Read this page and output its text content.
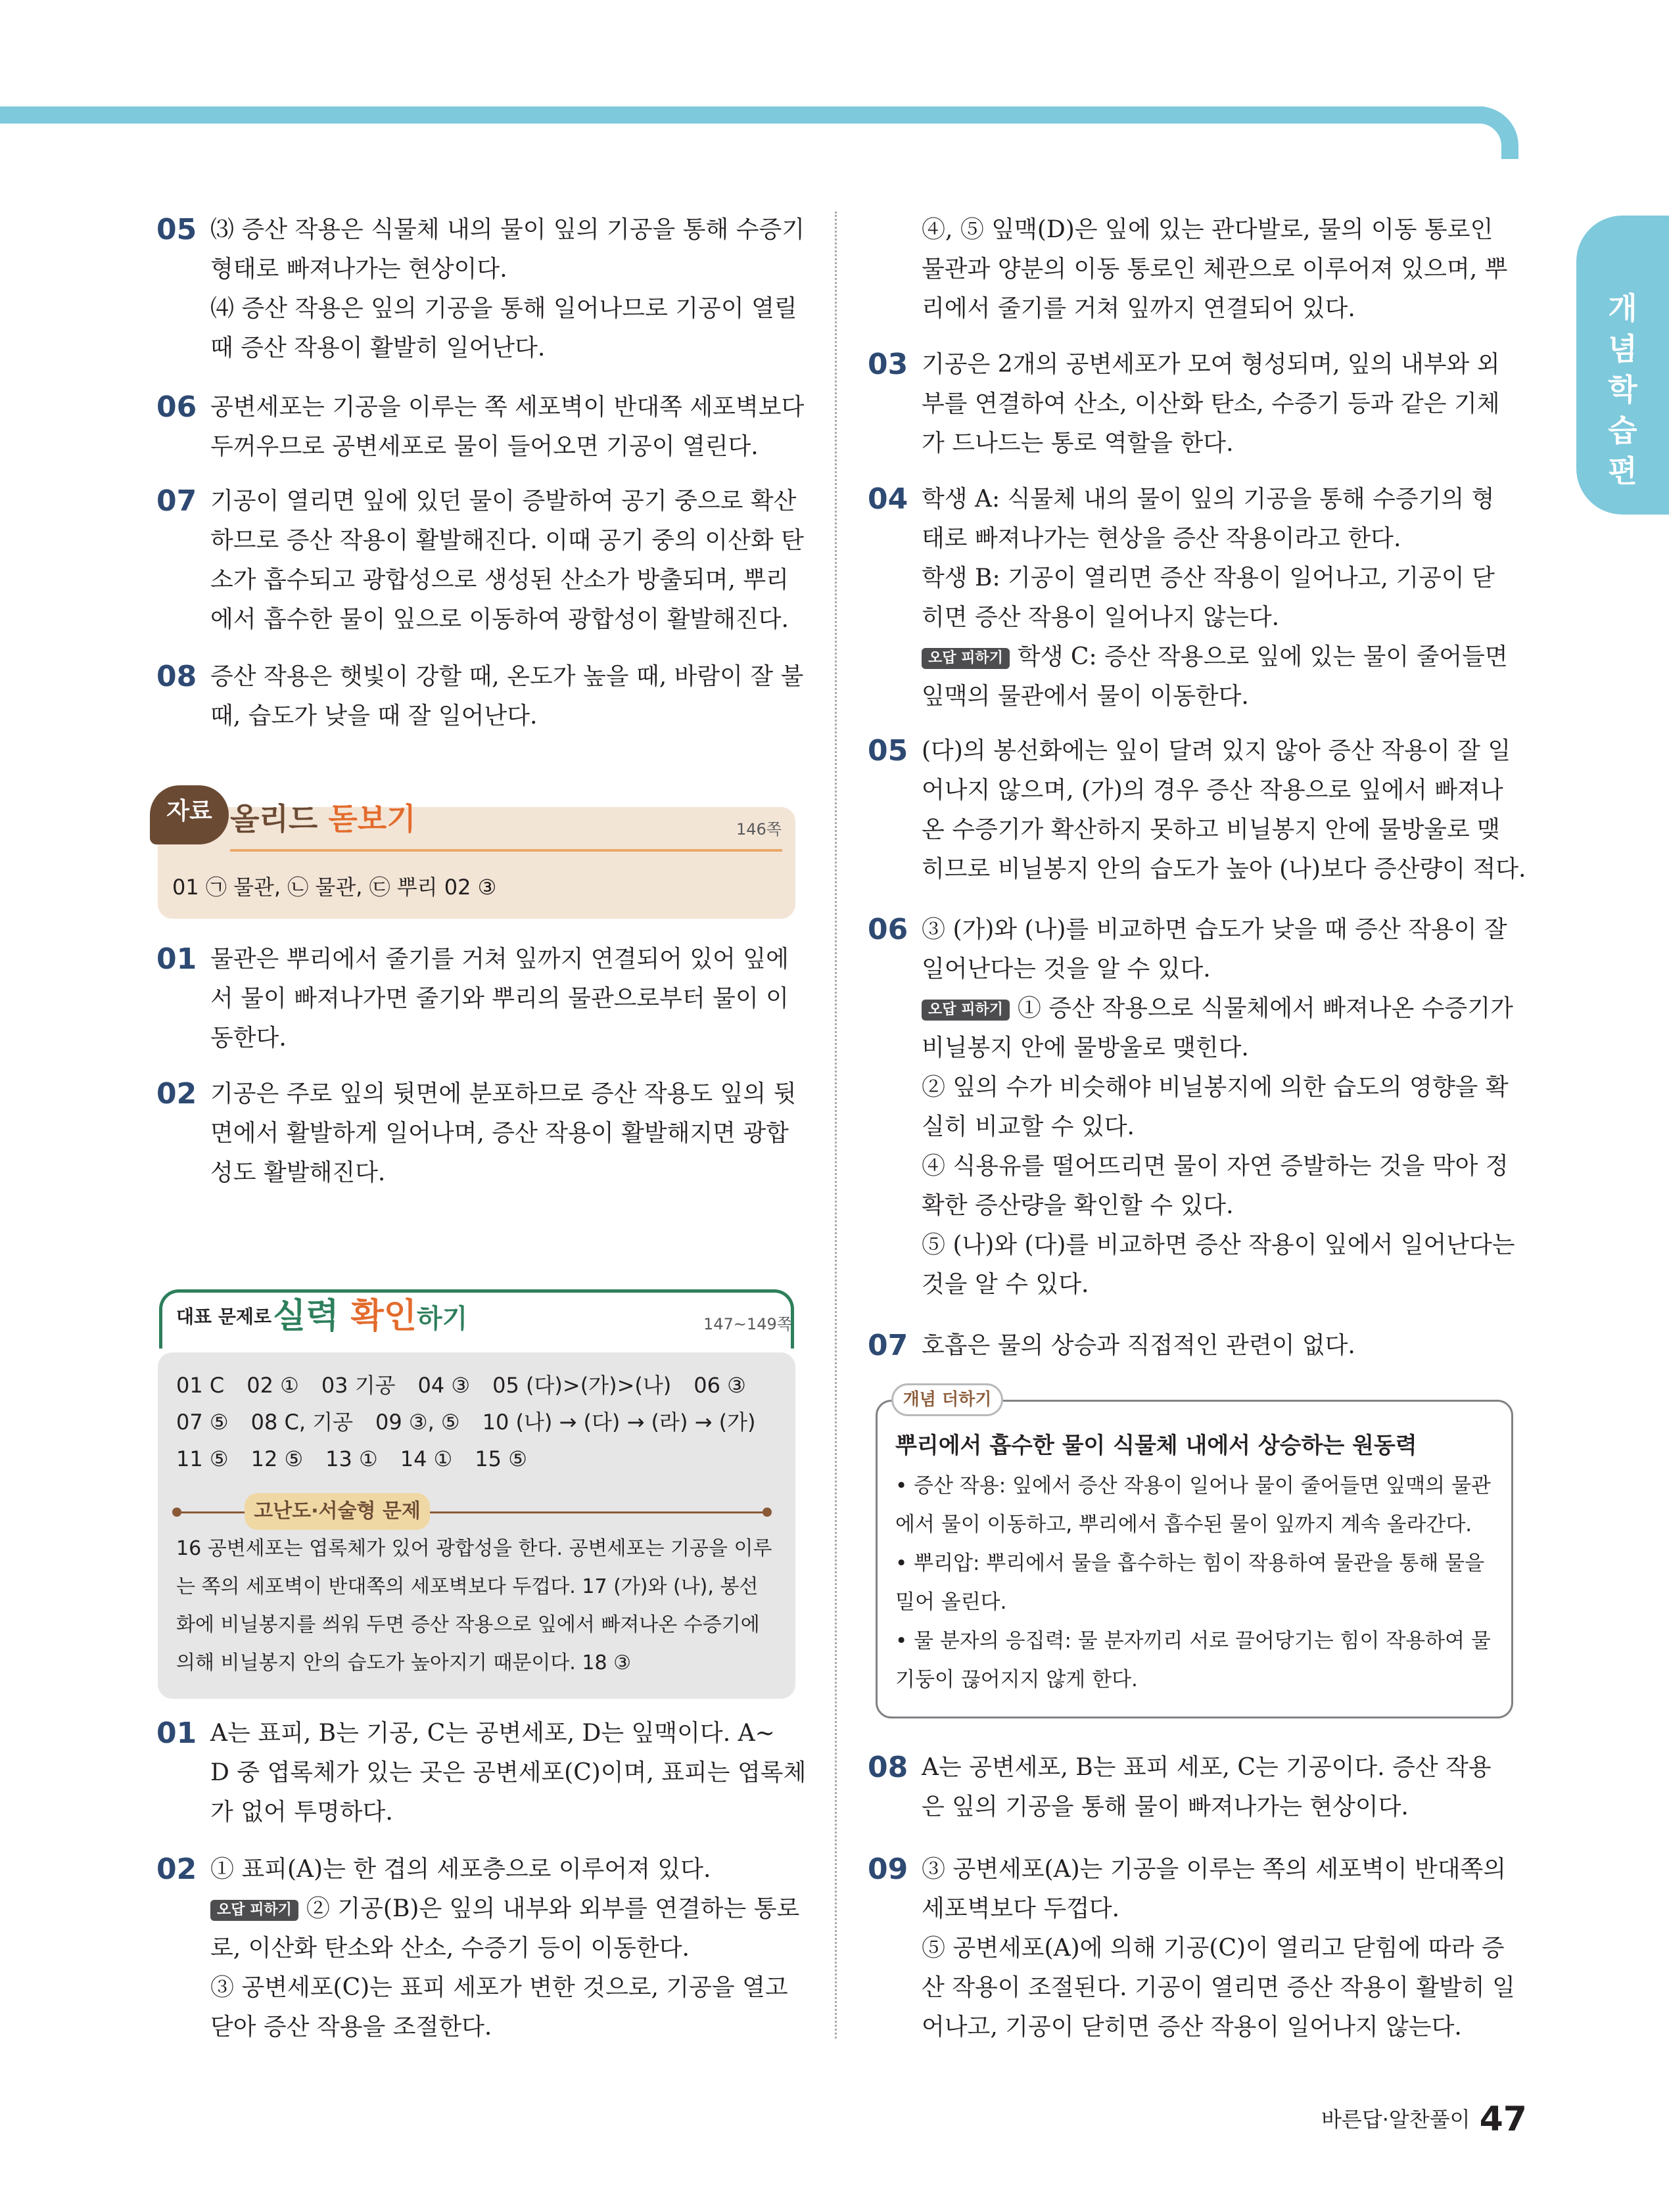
개
념
학
습
편
05 ⑶ 증산 작용은 식물체 내의 물이 잎의 기공을 통해 수증기

형태로 빠져나가는 현상이다.

⑷ 증산 작용은 잎의 기공을 통해 일어나므로 기공이 열릴

때 증산 작용이 활발히 일어난다.

06 공변세포는 기공을 이루는 쪽 세포벽이 반대쪽 세포벽보다

두꺼우므로 공변세포로 물이 들어오면 기공이 열린다.

07 기공이 열리면 잎에 있던 물이 증발하여 공기 중으로 확산

하므로 증산 작용이 활발해진다. 이때 공기 중의 이산화 탄

소가 흡수되고 광합성으로 생성된 산소가 방출되며, 뿌리

에서 흡수한 물이 잎으로 이동하여 광합성이 활발해진다.

08 증산 작용은 햇빛이 강할 때, 온도가 높을 때, 바람이 잘 불

때, 습도가 낮을 때 잘 일어난다.

자료 올리드 돋보기	146쪽
01 ㉠ 물관, ㉡ 물관, ㉢ 뿌리 02 ③
01 물관은 뿌리에서 줄기를 거쳐 잎까지 연결되어 있어 잎에

서 물이 빠져나가면 줄기와 뿌리의 물관으로부터 물이 이

동한다.

02 기공은 주로 잎의 뒷면에 분포하므로 증산 작용도 잎의 뒷

면에서 활발하게 일어나며, 증산 작용이 활발해지면 광합

성도 활발해진다.

대표 문제로 실력 확인하기	147~149쪽

01 C 02 ① 03 기공 04 ③ 05 (다)>(가)>(나) 06 ③

07 ⑤ 08 C, 기공 09 ③, ⑤ 10 (나) → (다) → (라) → (가)

11 ⑤ 12 ⑤ 13 ① 14 ① 15 ⑤

고난도·서술형 문제

16 공변세포는 엽록체가 있어 광합성을 한다. 공변세포는 기공을 이루

는 쪽의 세포벽이 반대쪽의 세포벽보다 두껍다. 17 (가)와 (나), 봉선

화에 비닐봉지를 씌워 두면 증산 작용으로 잎에서 빠져나온 수증기에

의해 비닐봉지 안의 습도가 높아지기 때문이다. 18 ③

01 A는 표피, B는 기공, C는 공변세포, D는 잎맥이다. A~

D 중 엽록체가 있는 곳은 공변세포(C)이며, 표피는 엽록체

가 없어 투명하다.

02 ① 표피(A)는 한 겹의 세포층으로 이루어져 있다.

오답 피하기 ② 기공(B)은 잎의 내부와 외부를 연결하는 통로

로, 이산화 탄소와 산소, 수증기 등이 이동한다.

③ 공변세포(C)는 표피 세포가 변한 것으로, 기공을 열고

닫아 증산 작용을 조절한다.

④, ⑤ 잎맥(D)은 잎에 있는 관다발로, 물의 이동 통로인

물관과 양분의 이동 통로인 체관으로 이루어져 있으며, 뿌

리에서 줄기를 거쳐 잎까지 연결되어 있다.

03 기공은 2개의 공변세포가 모여 형성되며, 잎의 내부와 외

부를 연결하여 산소, 이산화 탄소, 수증기 등과 같은 기체

가 드나드는 통로 역할을 한다.

04 학생 A: 식물체 내의 물이 잎의 기공을 통해 수증기의 형

태로 빠져나가는 현상을 증산 작용이라고 한다.

학생 B: 기공이 열리면 증산 작용이 일어나고, 기공이 닫

히면 증산 작용이 일어나지 않는다.

오답 피하기 학생 C: 증산 작용으로 잎에 있는 물이 줄어들면

잎맥의 물관에서 물이 이동한다.

05 (다)의 봉선화에는 잎이 달려 있지 않아 증산 작용이 잘 일

어나지 않으며, (가)의 경우 증산 작용으로 잎에서 빠져나

온 수증기가 확산하지 못하고 비닐봉지 안에 물방울로 맺

히므로 비닐봉지 안의 습도가 높아 (나)보다 증산량이 적다.

06 ③ (가)와 (나)를 비교하면 습도가 낮을 때 증산 작용이 잘

일어난다는 것을 알 수 있다.

오답 피하기 ① 증산 작용으로 식물체에서 빠져나온 수증기가

비닐봉지 안에 물방울로 맺힌다.

② 잎의 수가 비슷해야 비닐봉지에 의한 습도의 영향을 확

실히 비교할 수 있다.

④ 식용유를 떨어뜨리면 물이 자연 증발하는 것을 막아 정

확한 증산량을 확인할 수 있다.

⑤ (나)와 (다)를 비교하면 증산 작용이 잎에서 일어난다는

것을 알 수 있다.

07 호흡은 물의 상승과 직접적인 관련이 없다.

개념 더하기
뿌리에서 흡수한 물이 식물체 내에서 상승하는 원동력

• 증산 작용: 잎에서 증산 작용이 일어나 물이 줄어들면 잎맥의 물관

에서 물이 이동하고, 뿌리에서 흡수된 물이 잎까지 계속 올라간다.

• 뿌리압: 뿌리에서 물을 흡수하는 힘이 작용하여 물관을 통해 물을

밀어 올린다.

• 물 분자의 응집력: 물 분자끼리 서로 끌어당기는 힘이 작용하여 물

기둥이 끊어지지 않게 한다.

08 A는 공변세포, B는 표피 세포, C는 기공이다. 증산 작용

은 잎의 기공을 통해 물이 빠져나가는 현상이다.

09 ③ 공변세포(A)는 기공을 이루는 쪽의 세포벽이 반대쪽의

세포벽보다 두껍다.

⑤ 공변세포(A)에 의해 기공(C)이 열리고 닫힘에 따라 증

산 작용이 조절된다. 기공이 열리면 증산 작용이 활발히 일

어나고, 기공이 닫히면 증산 작용이 일어나지 않는다.

바른답·알찬풀이 47
